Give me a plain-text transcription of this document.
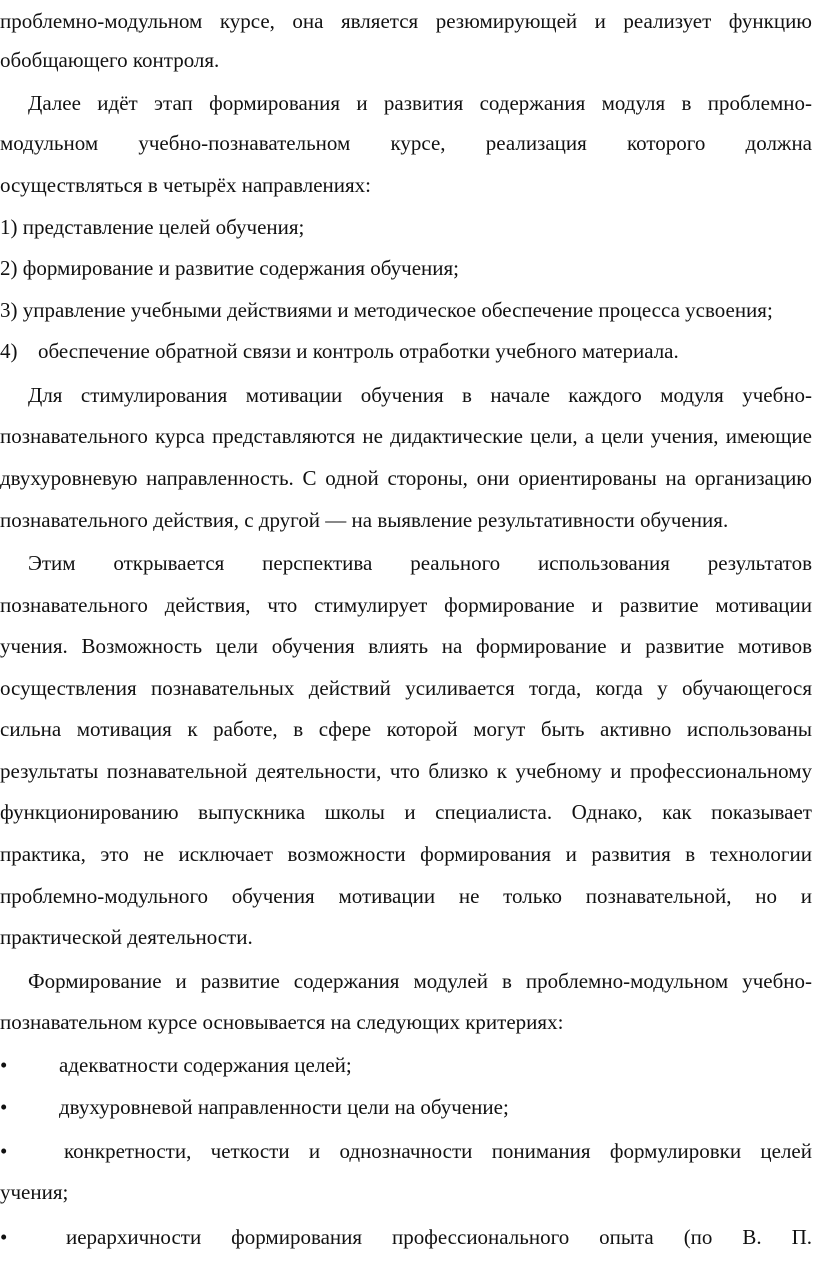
проблемно-модульном курсе, она является резюмирующей и реализует функцию
обобщающего контроля.
Далее идёт этап формирования и развития содержания модуля в проблемно-
модульном учебно-познавательном курсе, реализация которого должна
осуществляться в четырёх направлениях:
1) представление целей обучения;
2) формирование и развитие содержания обучения;
3) управление учебными действиями и методическое обеспечение процесса усвоения;
4) обеспечение обратной связи и контроль отработки учебного материала.
Для стимулирования мотивации обучения в начале каждого модуля учебно-
познавательного курса представляются не дидактические цели, а цели учения, имеющие
двухуровневую направленность. С одной стороны, они ориентированы на организацию
познавательного действия, с другой — на выявление результативности обучения.
Этим открывается перспектива реального использования результатов
познавательного действия, что стимулирует формирование и развитие мотивации
учения. Возможность цели обучения влиять на формирование и развитие мотивов
осуществления познавательных действий усиливается тогда, когда у обучающегося
сильна мотивация к работе, в сфере которой могут быть активно использованы
результаты познавательной деятельности, что близко к учебному и профессиональному
функционированию выпускника школы и специалиста. Однако, как показывает
практика, это не исключает возможности формирования и развития в технологии
проблемно-модульного обучения мотивации не только познавательной, но и
практической деятельности.
Формирование и развитие содержания модулей в проблемно-модульном учебно-
познавательном курсе основывается на следующих критериях:
•	адекватности содержания целей;
•	двухуровневой направленности цели на обучение;
•	конкретности, четкости и однозначности понимания формулировки целей
учения;
•	иерархичности формирования профессионального опыта (по В. П.
